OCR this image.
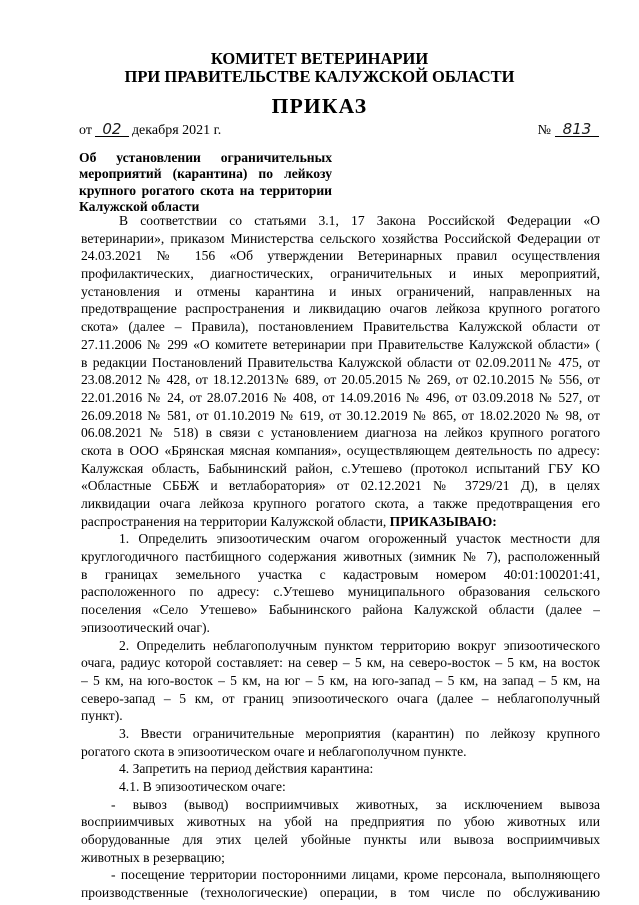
КОМИТЕТ ВЕТЕРИНАРИИ
ПРИ ПРАВИТЕЛЬСТВЕ КАЛУЖСКОЙ ОБЛАСТИ
ПРИКАЗ
от 02 декабря 2021 г.	№ 813
Об установлении ограничительных
мероприятий (карантина) по лейкозу
крупного рогатого скота на территории
Калужской области
В соответствии со статьями 3.1, 17 Закона Российской Федерации «О
ветеринарии», приказом Министерства сельского хозяйства Российской Федерации от
24.03.2021 № 156 «Об утверждении Ветеринарных правил осуществления
профилактических, диагностических, ограничительных и иных мероприятий,
установления и отмены карантина и иных ограничений, направленных на
предотвращение распространения и ликвидацию очагов лейкоза крупного рогатого
скота» (далее – Правила), постановлением Правительства Калужской области от
27.11.2006 № 299 «О комитете ветеринарии при Правительстве Калужской области» (
в редакции Постановлений Правительства Калужской области от 02.09.2011№ 475, от
23.08.2012 № 428, от 18.12.2013№ 689, от 20.05.2015 № 269, от 02.10.2015 № 556, от
22.01.2016 № 24, от 28.07.2016 № 408, от 14.09.2016 № 496, от 03.09.2018 № 527, от
26.09.2018 № 581, от 01.10.2019 № 619, от 30.12.2019 № 865, от 18.02.2020 № 98, от
06.08.2021 № 518) в связи с установлением диагноза на лейкоз крупного рогатого
скота в ООО «Брянская мясная компания», осуществляющем деятельность по адресу:
Калужская область, Бабынинский район, с.Утешево (протокол испытаний ГБУ КО
«Областные СББЖ и ветлаборатория» от 02.12.2021 № 3729/21 Д), в целях
ликвидации очага лейкоза крупного рогатого скота, а также предотвращения его
распространения на территории Калужской области, ПРИКАЗЫВАЮ:
1. Определить эпизоотическим очагом огороженный участок местности для
круглогодичного пастбищного содержания животных (зимник № 7), расположенный
в границах земельного участка с кадастровым номером 40:01:100201:41,
расположенного по адресу: с.Утешево муниципального образования сельского
поселения «Село Утешево» Бабынинского района Калужской области (далее –
эпизоотический очаг).
2. Определить неблагополучным пунктом территорию вокруг эпизоотического
очага, радиус которой составляет: на север – 5 км, на северо-восток – 5 км, на восток
– 5 км, на юго-восток – 5 км, на юг – 5 км, на юго-запад – 5 км, на запад – 5 км, на
северо-запад – 5 км, от границ эпизоотического очага (далее – неблагополучный
пункт).
3. Ввести ограничительные мероприятия (карантин) по лейкозу крупного
рогатого скота в эпизоотическом очаге и неблагополучном пункте.
4. Запретить на период действия карантина:
4.1. В эпизоотическом очаге:
- вывоз (вывод) восприимчивых животных, за исключением вывоза
восприимчивых животных на убой на предприятия по убою животных или
оборудованные для этих целей убойные пункты или вывоза восприимчивых
животных в резервацию;
- посещение территории посторонними лицами, кроме персонала, выполняющего
производственные (технологические) операции, в том числе по обслуживанию
